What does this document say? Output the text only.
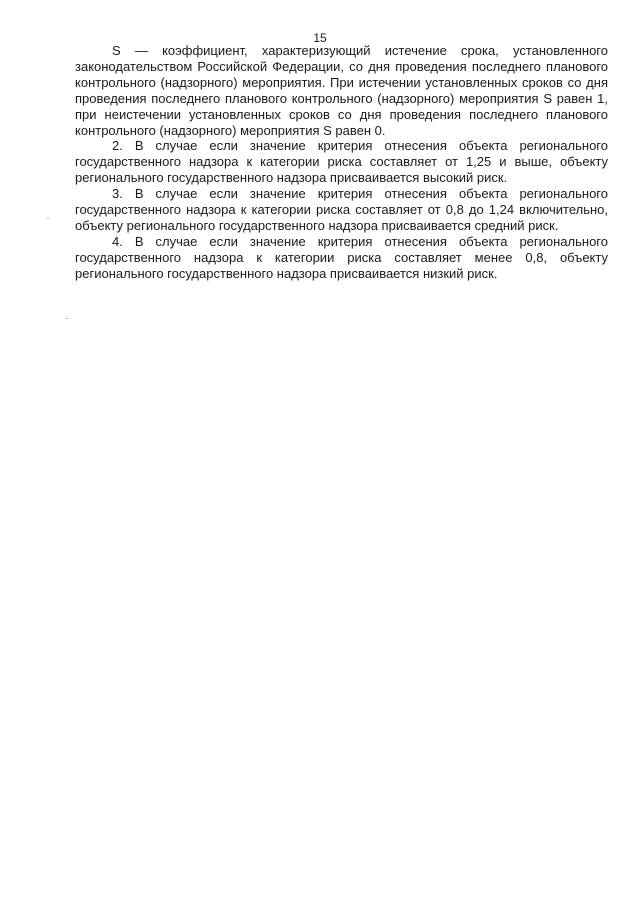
15

S — коэффициент, характеризующий истечение срока, установленного законодательством Российской Федерации, со дня проведения последнего планового контрольного (надзорного) мероприятия. При истечении установленных сроков со дня проведения последнего планового контрольного (надзорного) мероприятия S равен 1, при неистечении установленных сроков со дня проведения последнего планового контрольного (надзорного) мероприятия S равен 0.

2. В случае если значение критерия отнесения объекта регионального государственного надзора к категории риска составляет от 1,25 и выше, объекту регионального государственного надзора присваивается высокий риск.

3. В случае если значение критерия отнесения объекта регионального государственного надзора к категории риска составляет от 0,8 до 1,24 включительно, объекту регионального государственного надзора присваивается средний риск.

4. В случае если значение критерия отнесения объекта регионального государственного надзора к категории риска составляет менее 0,8, объекту регионального государственного надзора присваивается низкий риск.
